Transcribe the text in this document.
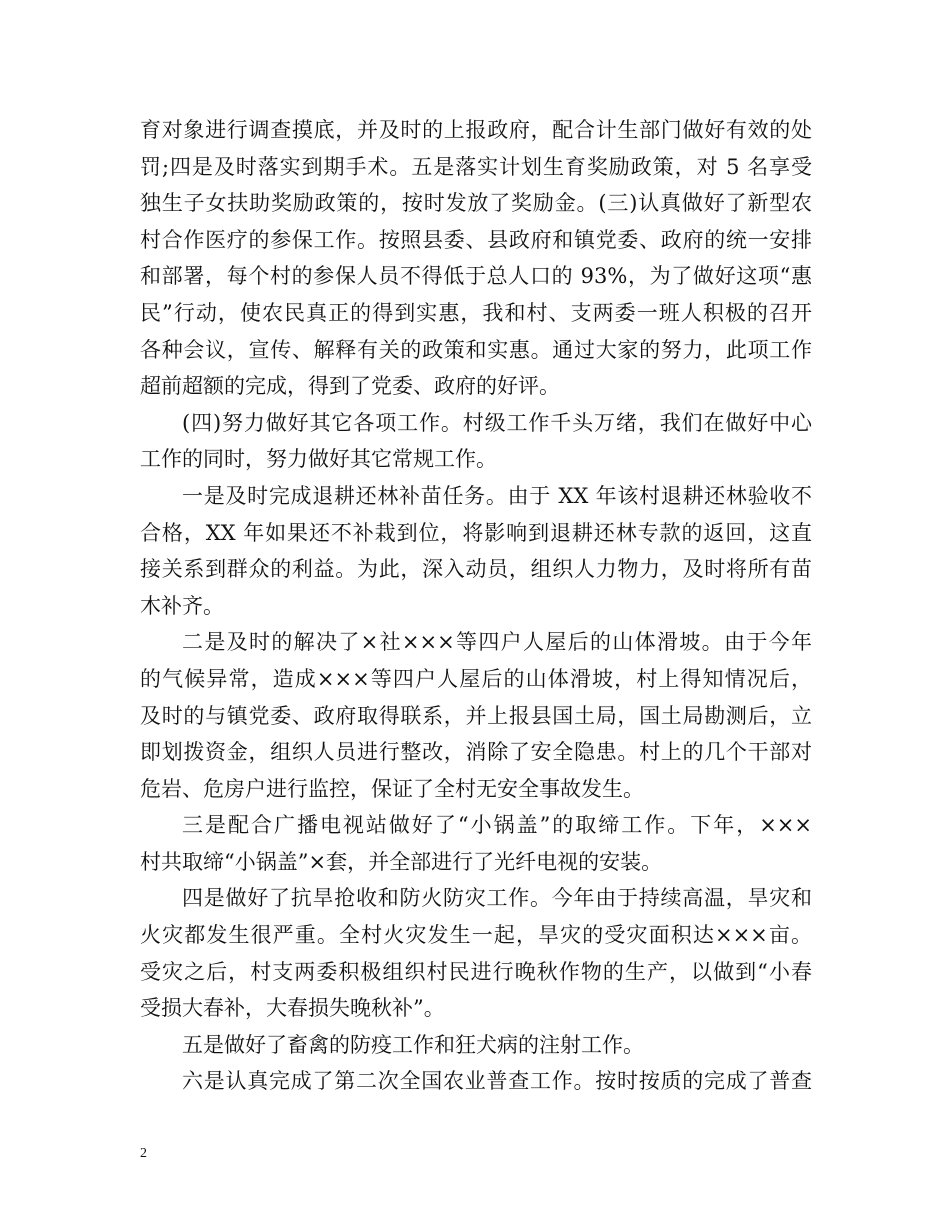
育对象进行调查摸底，并及时的上报政府，配合计生部门做好有效的处
罚;四是及时落实到期手术。五是落实计划生育奖励政策，对 5 名享受
独生子女扶助奖励政策的，按时发放了奖励金。(三)认真做好了新型农
村合作医疗的参保工作。按照县委、县政府和镇党委、政府的统一安排
和部署，每个村的参保人员不得低于总人口的 93%，为了做好这项“惠
民”行动，使农民真正的得到实惠，我和村、支两委一班人积极的召开
各种会议，宣传、解释有关的政策和实惠。通过大家的努力，此项工作
超前超额的完成，得到了党委、政府的好评。
(四)努力做好其它各项工作。村级工作千头万绪，我们在做好中心
工作的同时，努力做好其它常规工作。
一是及时完成退耕还林补苗任务。由于 XX 年该村退耕还林验收不
合格，XX 年如果还不补栽到位，将影响到退耕还林专款的返回，这直
接关系到群众的利益。为此，深入动员，组织人力物力，及时将所有苗
木补齐。
二是及时的解决了×社×××等四户人屋后的山体滑坡。由于今年
的气候异常，造成×××等四户人屋后的山体滑坡，村上得知情况后，
及时的与镇党委、政府取得联系，并上报县国土局，国土局勘测后，立
即划拨资金，组织人员进行整改，消除了安全隐患。村上的几个干部对
危岩、危房户进行监控，保证了全村无安全事故发生。
三是配合广播电视站做好了“小锅盖”的取缔工作。下年，×××
村共取缔“小锅盖”×套，并全部进行了光纤电视的安装。
四是做好了抗旱抢收和防火防灾工作。今年由于持续高温，旱灾和
火灾都发生很严重。全村火灾发生一起，旱灾的受灾面积达×××亩。
受灾之后，村支两委积极组织村民进行晚秋作物的生产，以做到“小春
受损大春补，大春损失晚秋补”。
五是做好了畜禽的防疫工作和狂犬病的注射工作。
六是认真完成了第二次全国农业普查工作。按时按质的完成了普查
2
